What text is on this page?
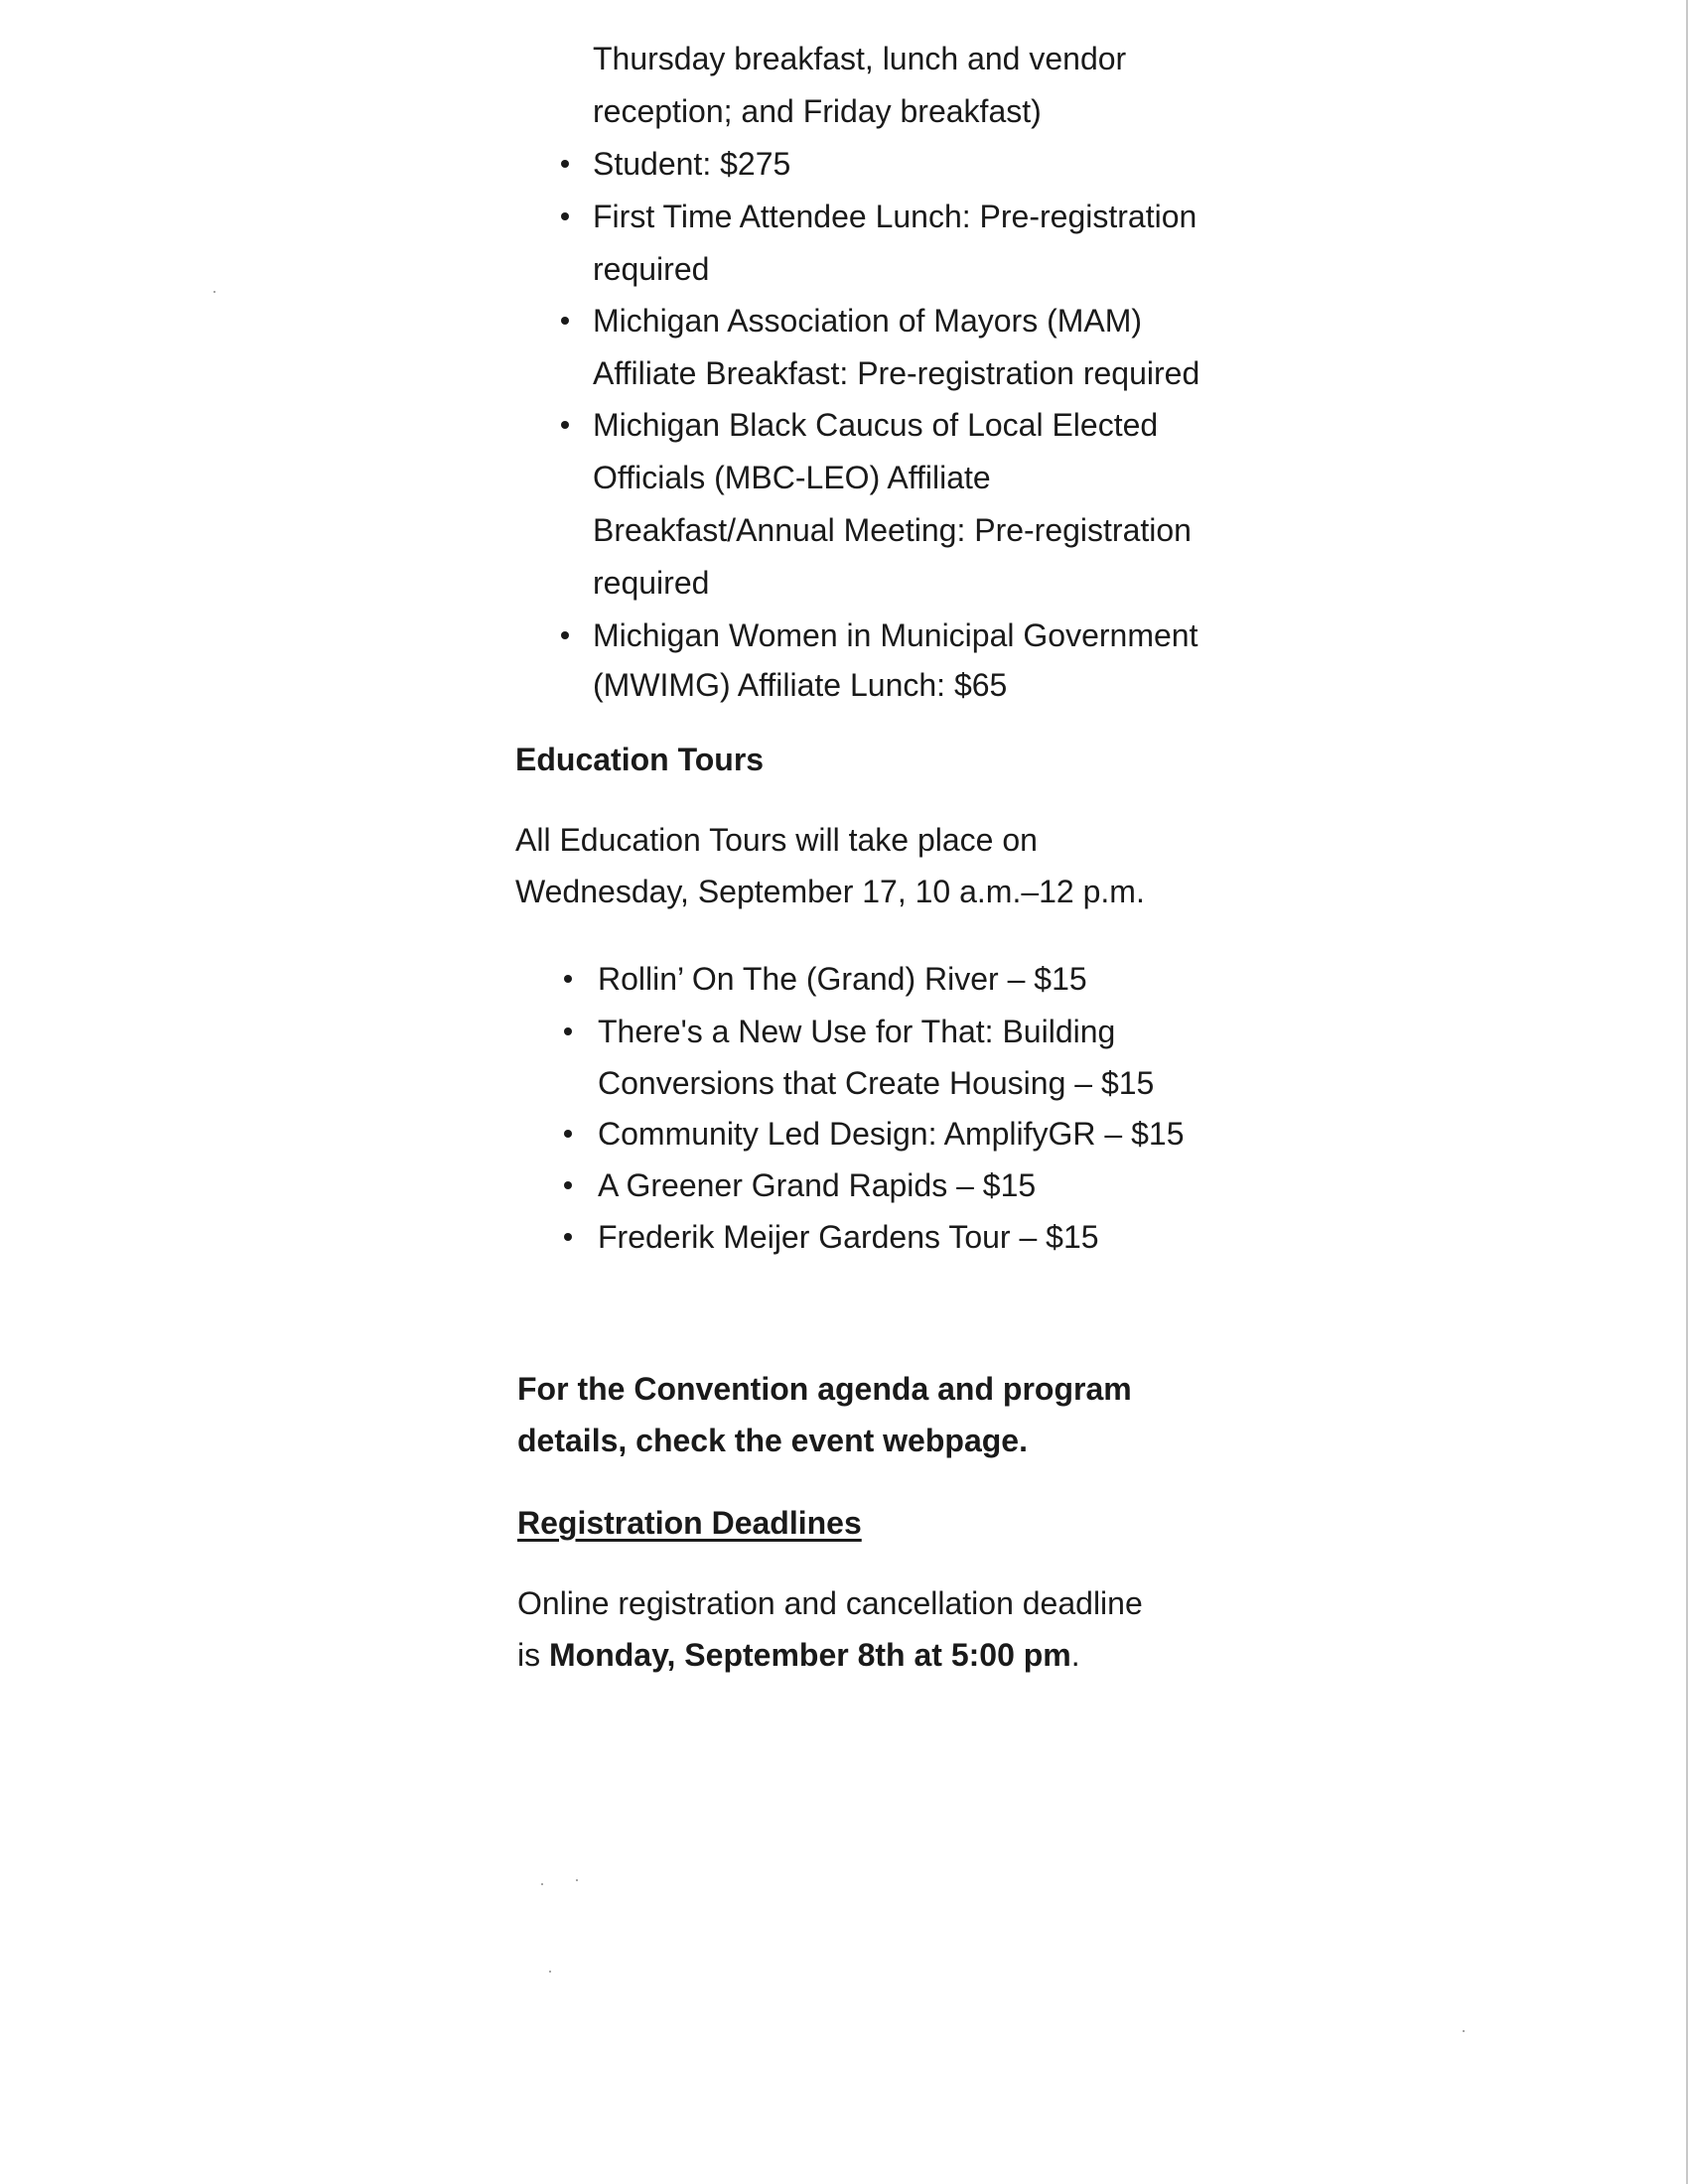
Thursday breakfast, lunch and vendor
reception; and Friday breakfast)
Student: $275
First Time Attendee Lunch: Pre-registration
required
Michigan Association of Mayors (MAM)
Affiliate Breakfast: Pre-registration required
Michigan Black Caucus of Local Elected
Officials (MBC-LEO) Affiliate
Breakfast/Annual Meeting: Pre-registration
required
Michigan Women in Municipal Government
(MWIMG) Affiliate Lunch: $65
Education Tours
All Education Tours will take place on
Wednesday, September 17, 10 a.m.–12 p.m.
Rollin’ On The (Grand) River – $15
There's a New Use for That: Building
Conversions that Create Housing – $15
Community Led Design: AmplifyGR – $15
A Greener Grand Rapids – $15
Frederik Meijer Gardens Tour – $15
For the Convention agenda and program
details, check the event webpage.
Registration Deadlines
Online registration and cancellation deadline
is Monday, September 8th at 5:00 pm.
